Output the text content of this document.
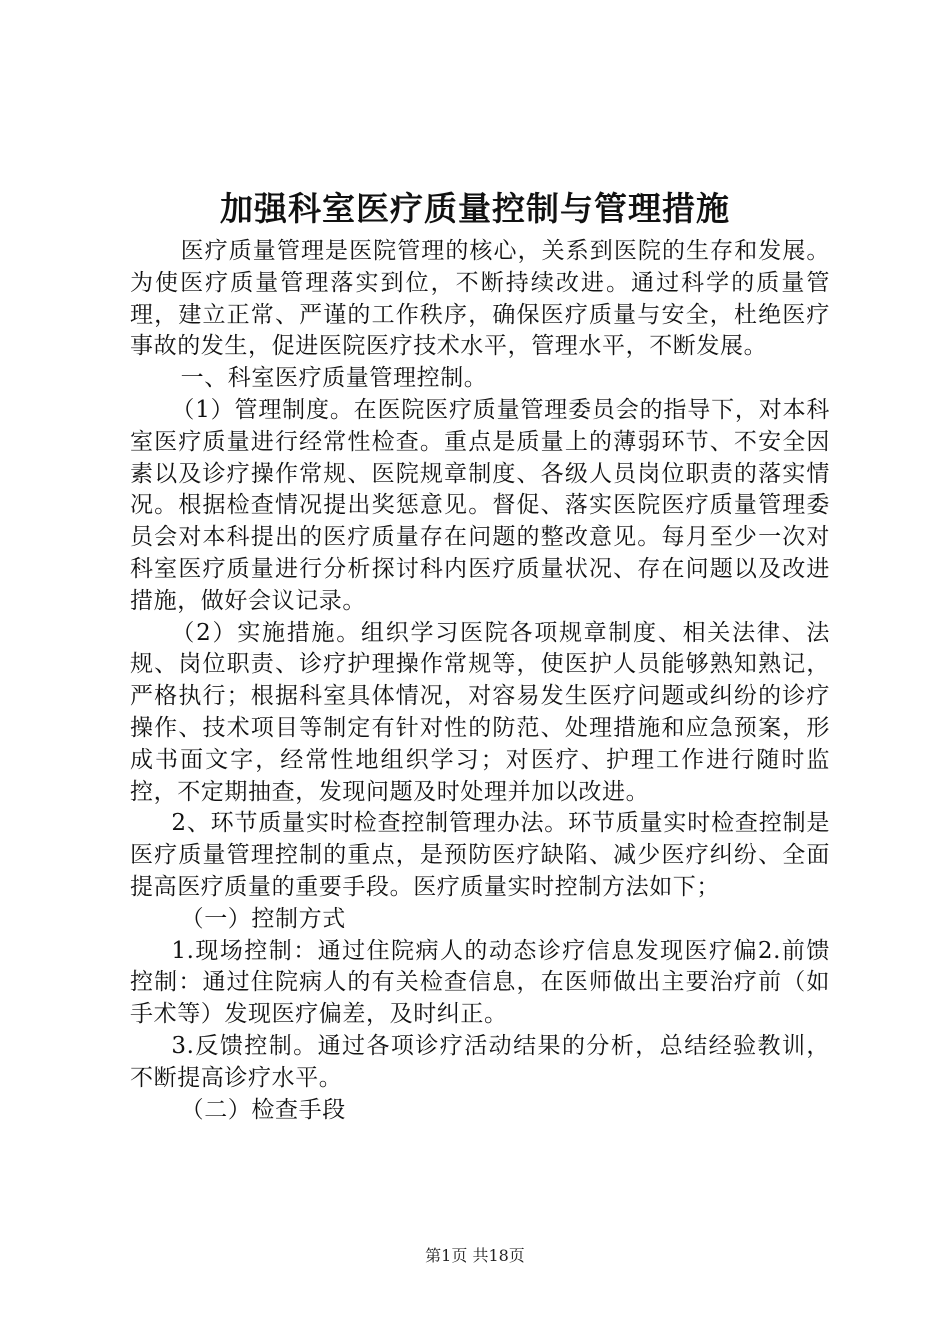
加强科室医疗质量控制与管理措施

医疗质量管理是医院管理的核心，关系到医院的生存和发展。为使医疗质量管理落实到位，不断持续改进。通过科学的质量管理，建立正常、严谨的工作秩序，确保医疗质量与安全，杜绝医疗事故的发生，促进医院医疗技术水平，管理水平，不断发展。

一、科室医疗质量管理控制。

（1）管理制度。在医院医疗质量管理委员会的指导下，对本科室医疗质量进行经常性检查。重点是质量上的薄弱环节、不安全因素以及诊疗操作常规、医院规章制度、各级人员岗位职责的落实情况。根据检查情况提出奖惩意见。督促、落实医院医疗质量管理委员会对本科提出的医疗质量存在问题的整改意见。每月至少一次对科室医疗质量进行分析探讨科内医疗质量状况、存在问题以及改进措施，做好会议记录。

（2）实施措施。组织学习医院各项规章制度、相关法律、法规、岗位职责、诊疗护理操作常规等，使医护人员能够熟知熟记，严格执行；根据科室具体情况，对容易发生医疗问题或纠纷的诊疗操作、技术项目等制定有针对性的防范、处理措施和应急预案，形成书面文字，经常性地组织学习；对医疗、护理工作进行随时监控，不定期抽查，发现问题及时处理并加以改进。

2、环节质量实时检查控制管理办法。环节质量实时检查控制是医疗质量管理控制的重点，是预防医疗缺陷、减少医疗纠纷、全面提高医疗质量的重要手段。医疗质量实时控制方法如下；

（一）控制方式

1.现场控制：通过住院病人的动态诊疗信息发现医疗偏2.前馈控制：通过住院病人的有关检查信息，在医师做出主要治疗前（如手术等）发现医疗偏差，及时纠正。

3.反馈控制。通过各项诊疗活动结果的分析，总结经验教训，不断提高诊疗水平。

（二）检查手段

第1页 共18页
